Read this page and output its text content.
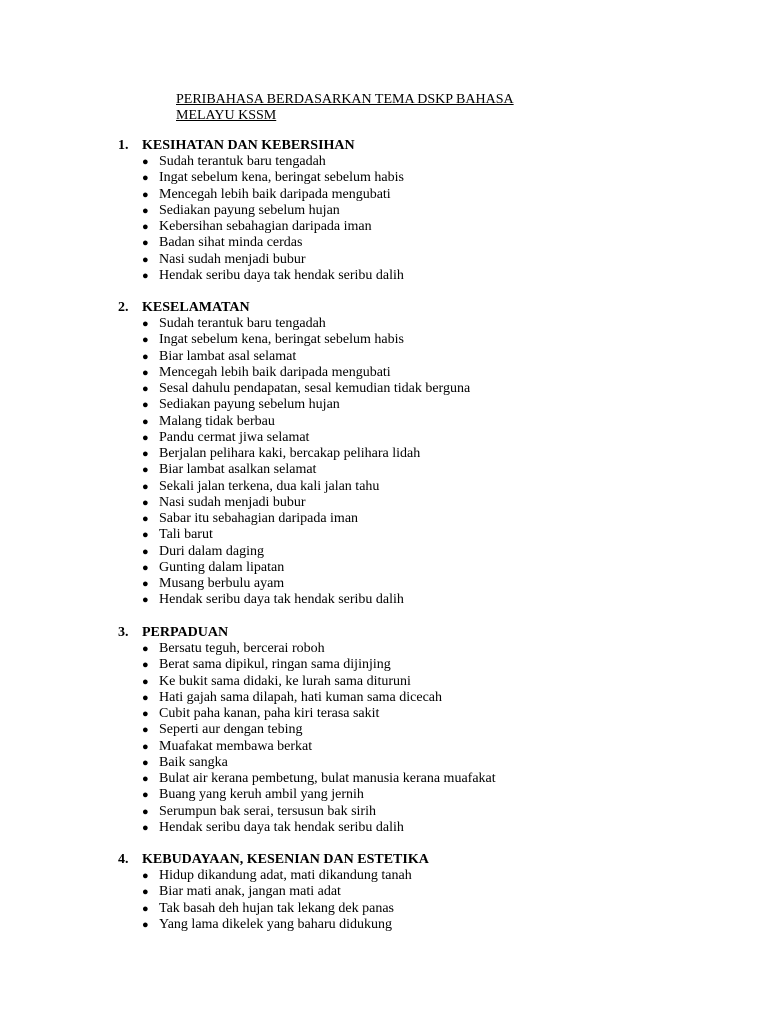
PERIBAHASA BERDASARKAN TEMA DSKP BAHASA
MELAYU KSSM
1. KESIHATAN DAN KEBERSIHAN
● Sudah terantuk baru tengadah
● Ingat sebelum kena, beringat sebelum habis
● Mencegah lebih baik daripada mengubati
● Sediakan payung sebelum hujan
● Kebersihan sebahagian daripada iman
● Badan sihat minda cerdas
● Nasi sudah menjadi bubur
● Hendak seribu daya tak hendak seribu dalih
2. KESELAMATAN
● Sudah terantuk baru tengadah
● Ingat sebelum kena, beringat sebelum habis
● Biar lambat asal selamat
● Mencegah lebih baik daripada mengubati
● Sesal dahulu pendapatan, sesal kemudian tidak berguna
● Sediakan payung sebelum hujan
● Malang tidak berbau
● Pandu cermat jiwa selamat
● Berjalan pelihara kaki, bercakap pelihara lidah
● Biar lambat asalkan selamat
● Sekali jalan terkena, dua kali jalan tahu
● Nasi sudah menjadi bubur
● Sabar itu sebahagian daripada iman
● Tali barut
● Duri dalam daging
● Gunting dalam lipatan
● Musang berbulu ayam
● Hendak seribu daya tak hendak seribu dalih
3. PERPADUAN
● Bersatu teguh, bercerai roboh
● Berat sama dipikul, ringan sama dijinjing
● Ke bukit sama didaki, ke lurah sama dituruni
● Hati gajah sama dilapah, hati kuman sama dicecah
● Cubit paha kanan, paha kiri terasa sakit
● Seperti aur dengan tebing
● Muafakat membawa berkat
● Baik sangka
● Bulat air kerana pembetung, bulat manusia kerana muafakat
● Buang yang keruh ambil yang jernih
● Serumpun bak serai, tersusun bak sirih
● Hendak seribu daya tak hendak seribu dalih
4. KEBUDAYAAN, KESENIAN DAN ESTETIKA
● Hidup dikandung adat, mati dikandung tanah
● Biar mati anak, jangan mati adat
● Tak basah deh hujan tak lekang dek panas
● Yang lama dikelek yang baharu didukung
